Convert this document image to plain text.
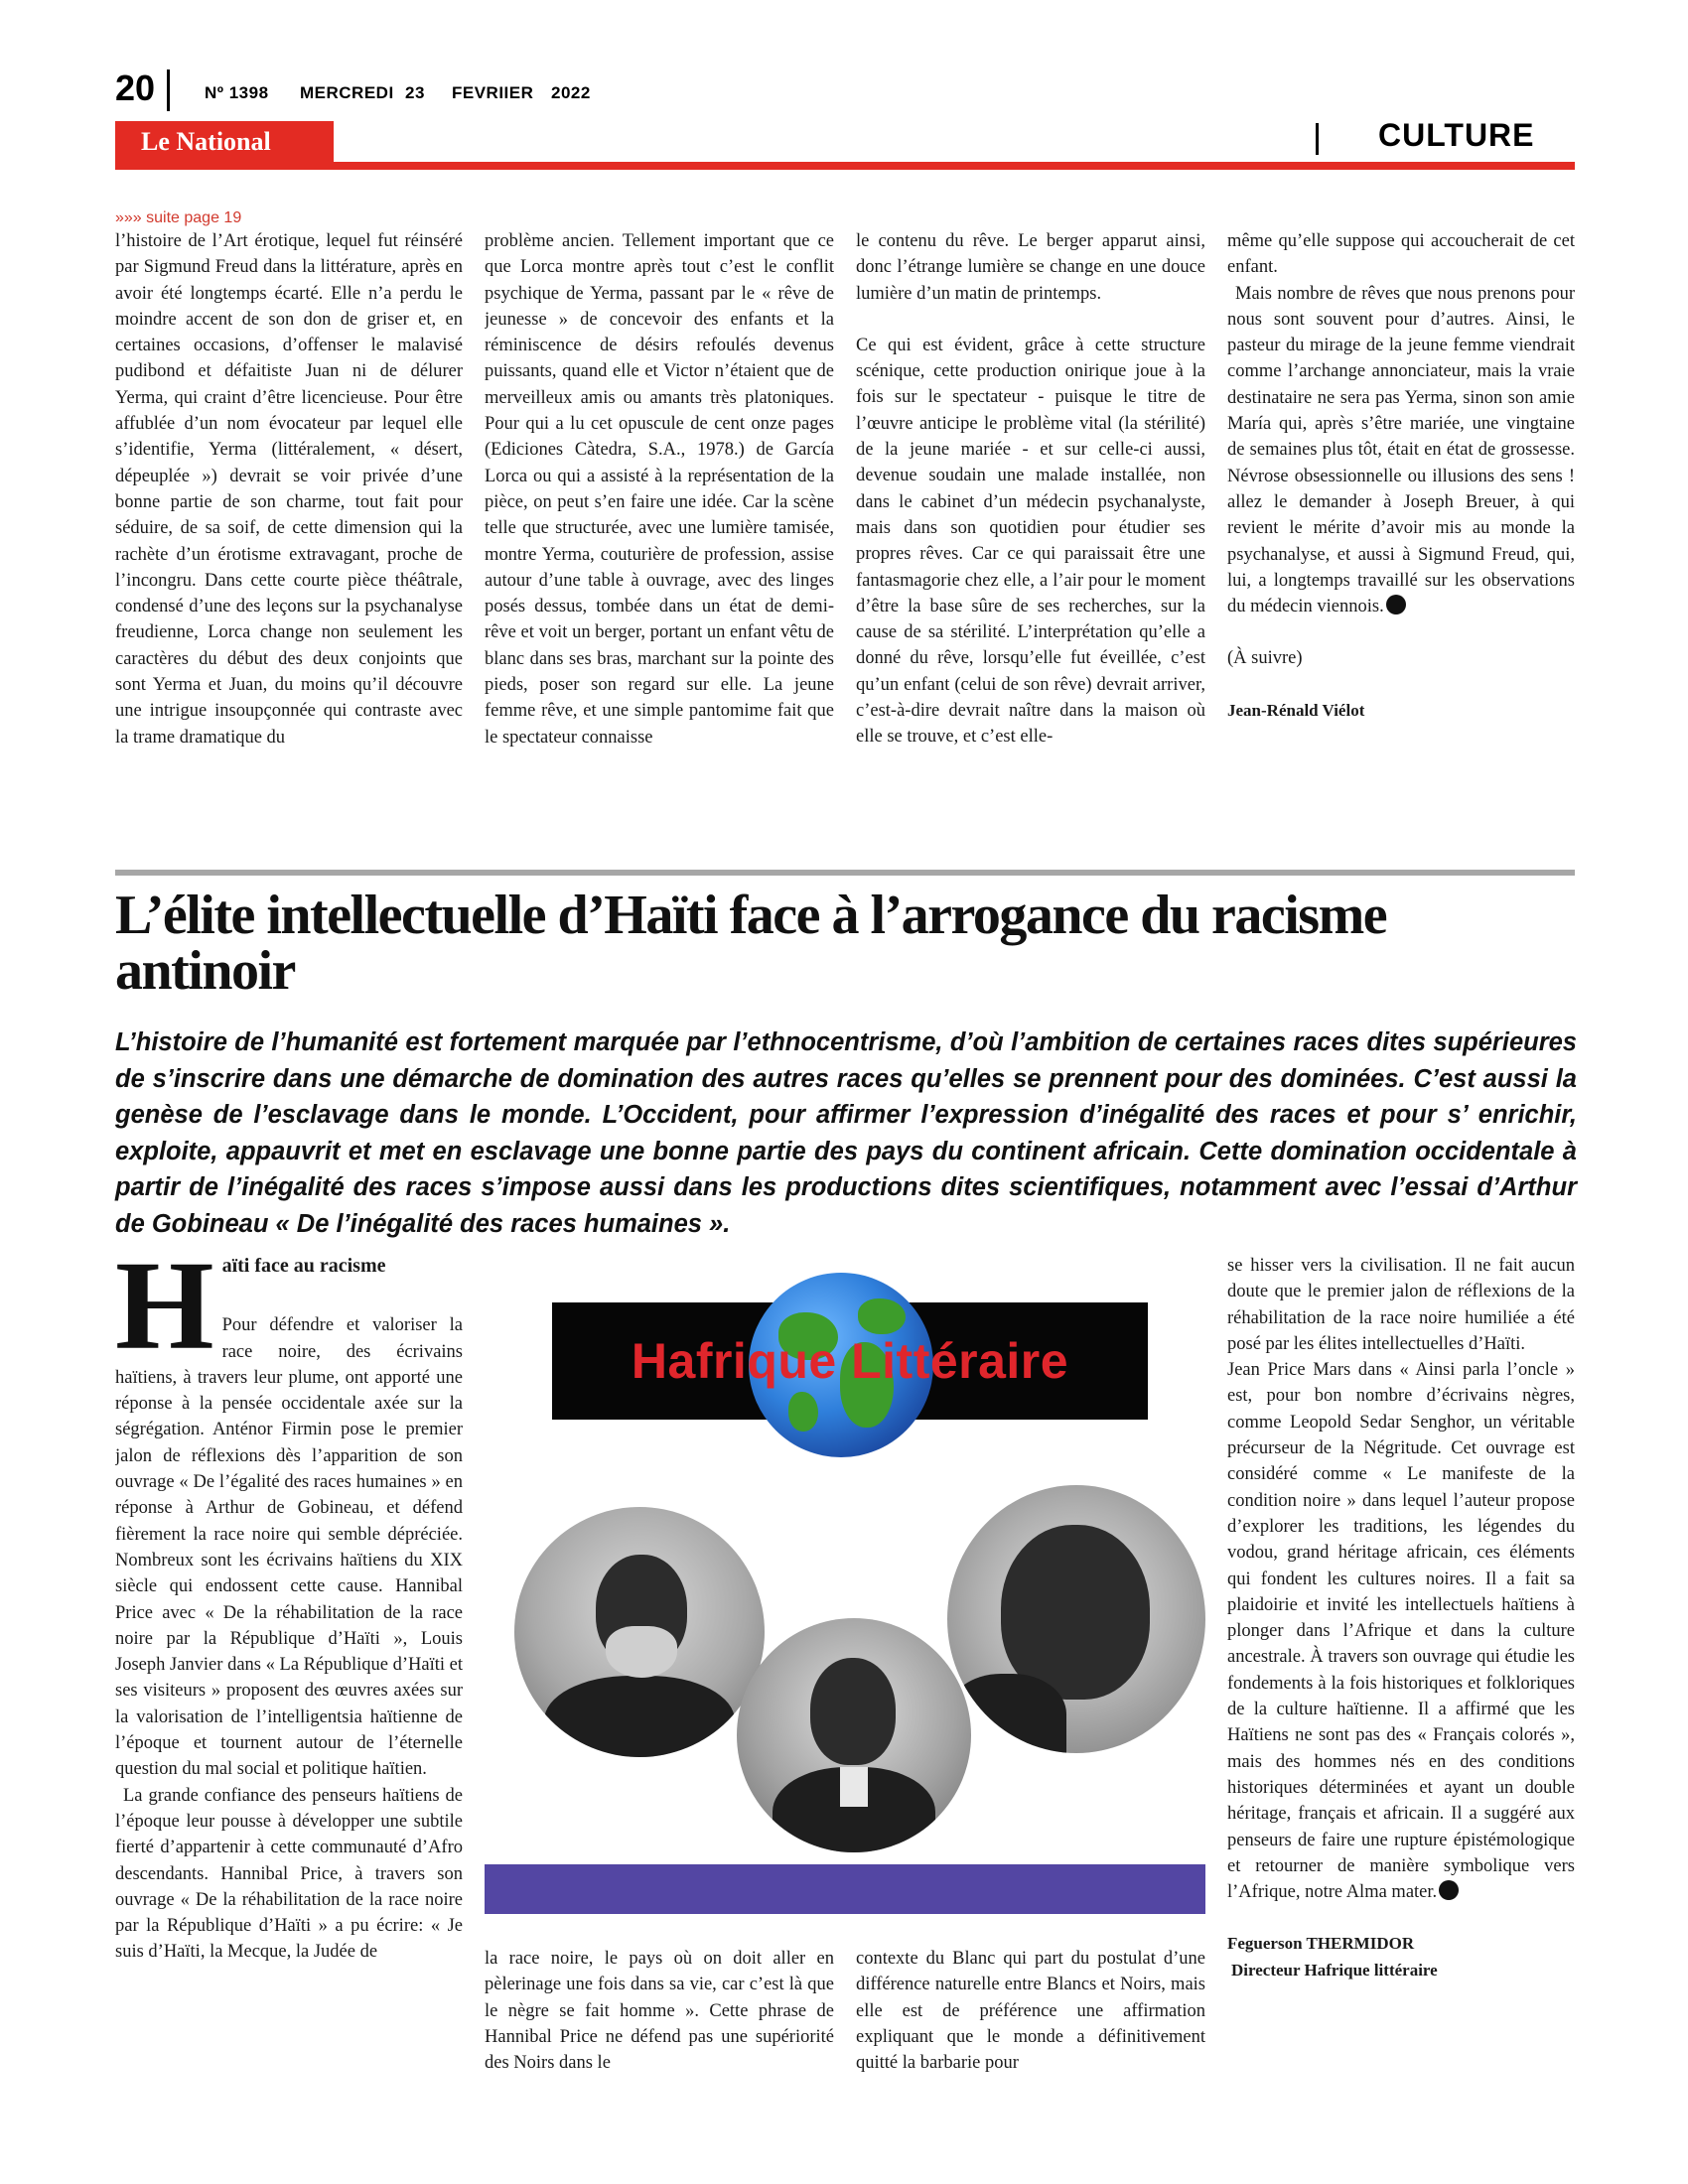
20	Nº 1398 MERCREDI 23 FEVRIIER 2022
Le National	CULTURE
»»» suite page 19

l’histoire de l’Art érotique, lequel fut réinséré par Sigmund Freud dans la littérature, après en avoir été longtemps écarté. Elle n’a perdu le moindre accent de son don de griser et, en certaines occasions, d’offenser le malavisé pudibond et défaitiste Juan ni de délurer Yerma, qui craint d’être licencieuse. Pour être affublée d’un nom évocateur par lequel elle s’identifie, Yerma (littéralement, « désert, dépeuplée ») devrait se voir privée d’une bonne partie de son charme, tout fait pour séduire, de sa soif, de cette dimension qui la rachète d’un érotisme extravagant, proche de l’incongru. Dans cette courte pièce théâtrale, condensé d’une des leçons sur la psychanalyse freudienne, Lorca change non seulement les caractères du début des deux conjoints que sont Yerma et Juan, du moins qu’il découvre une intrigue insoupçonnée qui contraste avec la trame dramatique du

problème ancien. Tellement important que ce que Lorca montre après tout c’est le conflit psychique de Yerma, passant par le « rêve de jeunesse » de concevoir des enfants et la réminiscence de désirs refoulés devenus puissants, quand elle et Victor n’étaient que de merveilleux amis ou amants très platoniques. Pour qui a lu cet opuscule de cent onze pages (Ediciones Càtedra, S.A., 1978.) de García Lorca ou qui a assisté à la représentation de la pièce, on peut s’en faire une idée. Car la scène telle que structurée, avec une lumière tamisée, montre Yerma, couturière de profession, assise autour d’une table à ouvrage, avec des linges posés dessus, tombée dans un état de demi-rêve et voit un berger, portant un enfant vêtu de blanc dans ses bras, marchant sur la pointe des pieds, poser son regard sur elle. La jeune femme rêve, et une simple pantomime fait que le spectateur connaisse

le contenu du rêve. Le berger apparut ainsi, donc l’étrange lumière se change en une douce lumière d’un matin de printemps.

Ce qui est évident, grâce à cette structure scénique, cette production onirique joue à la fois sur le spectateur - puisque le titre de l’œuvre anticipe le problème vital (la stérilité) de la jeune mariée - et sur celle-ci aussi, devenue soudain une malade installée, non dans le cabinet d’un médecin psychanalyste, mais dans son quotidien pour étudier ses propres rêves. Car ce qui paraissait être une fantasmagorie chez elle, a l’air pour le moment d’être la base sûre de ses recherches, sur la cause de sa stérilité. L’interprétation qu’elle a donné du rêve, lorsqu’elle fut éveillée, c’est qu’un enfant (celui de son rêve) devrait arriver, c’est-à-dire devrait naître dans la maison où elle se trouve, et c’est elle-

même qu’elle suppose qui accoucherait de cet enfant.

Mais nombre de rêves que nous prenons pour nous sont souvent pour d’autres. Ainsi, le pasteur du mirage de la jeune femme viendrait comme l’archange annonciateur, mais la vraie destinataire ne sera pas Yerma, sinon son amie María qui, après s’être mariée, une vingtaine de semaines plus tôt, était en état de grossesse. Névrose obsessionnelle ou illusions des sens ! allez le demander à Joseph Breuer, à qui revient le mérite d’avoir mis au monde la psychanalyse, et aussi à Sigmund Freud, qui, lui, a longtemps travaillé sur les observations du médecin viennois.

(À suivre)

Jean-Rénald Viélot

L’élite intellectuelle d’Haïti face à l’arrogance du racisme antinoir
L’histoire de l’humanité est fortement marquée par l’ethnocentrisme, d’où l’ambition de certaines races dites supérieures de s’inscrire dans une démarche de domination des autres races qu’elles se prennent pour des dominées. C’est aussi la genèse de l’esclavage dans le monde. L’Occident, pour affirmer l’expression d’inégalité des races et pour s’ enrichir, exploite, appauvrit et met en esclavage une bonne partie des pays du continent africain. Cette domination occidentale à partir de l’inégalité des races s’impose aussi dans les productions dites scientifiques, notamment avec l’essai d’Arthur de Gobineau « De l’inégalité des races humaines ».
H aïti face au racisme

Pour défendre et valoriser la race noire, des écrivains haïtiens, à travers leur plume, ont apporté une réponse à la pensée occidentale axée sur la ségrégation. Anténor Firmin pose le premier jalon de réflexions dès l’apparition de son ouvrage « De l’égalité des races humaines » en réponse à Arthur de Gobineau, et défend fièrement la race noire qui semble dépréciée. Nombreux sont les écrivains haïtiens du XIX siècle qui endossent cette cause. Hannibal Price avec « De la réhabilitation de la race noire par la République d’Haïti », Louis Joseph Janvier dans « La République d’Haïti et ses visiteurs » proposent des œuvres axées sur la valorisation de l’intelligentsia haïtienne de l’époque et tournent autour de l’éternelle question du mal social et politique haïtien.

La grande confiance des penseurs haïtiens de l’époque leur pousse à développer une subtile fierté d’appartenir à cette communauté d’Afro descendants. Hannibal Price, à travers son ouvrage « De la réhabilitation de la race noire par la République d’Haïti » a pu écrire: « Je suis d’Haïti, la Mecque, la Judée de

Hafrique Littéraire

la race noire, le pays où on doit aller en pèlerinage une fois dans sa vie, car c’est là que le nègre se fait homme ». Cette phrase de Hannibal Price ne défend pas une supériorité des Noirs dans le

contexte du Blanc qui part du postulat d’une différence naturelle entre Blancs et Noirs, mais elle est de préférence une affirmation expliquant que le monde a définitivement quitté la barbarie pour

se hisser vers la civilisation. Il ne fait aucun doute que le premier jalon de réflexions de la réhabilitation de la race noire humiliée a été posé par les élites intellectuelles d’Haïti.

Jean Price Mars dans « Ainsi parla l’oncle » est, pour bon nombre d’écrivains nègres, comme Leopold Sedar Senghor, un véritable précurseur de la Négritude. Cet ouvrage est considéré comme « Le manifeste de la condition noire » dans lequel l’auteur propose d’explorer les traditions, les légendes du vodou, grand héritage africain, ces éléments qui fondent les cultures noires. Il a fait sa plaidoirie et invité les intellectuels haïtiens à plonger dans l’Afrique et dans la culture ancestrale. À travers son ouvrage qui étudie les fondements à la fois historiques et folkloriques de la culture haïtienne. Il a affirmé que les Haïtiens ne sont pas des « Français colorés », mais des hommes nés en des conditions historiques déterminées et ayant un double héritage, français et africain. Il a suggéré aux penseurs de faire une rupture épistémologique et retourner de manière symbolique vers l’Afrique, notre Alma mater.

Feguerson THERMIDOR

Directeur Hafrique littéraire
